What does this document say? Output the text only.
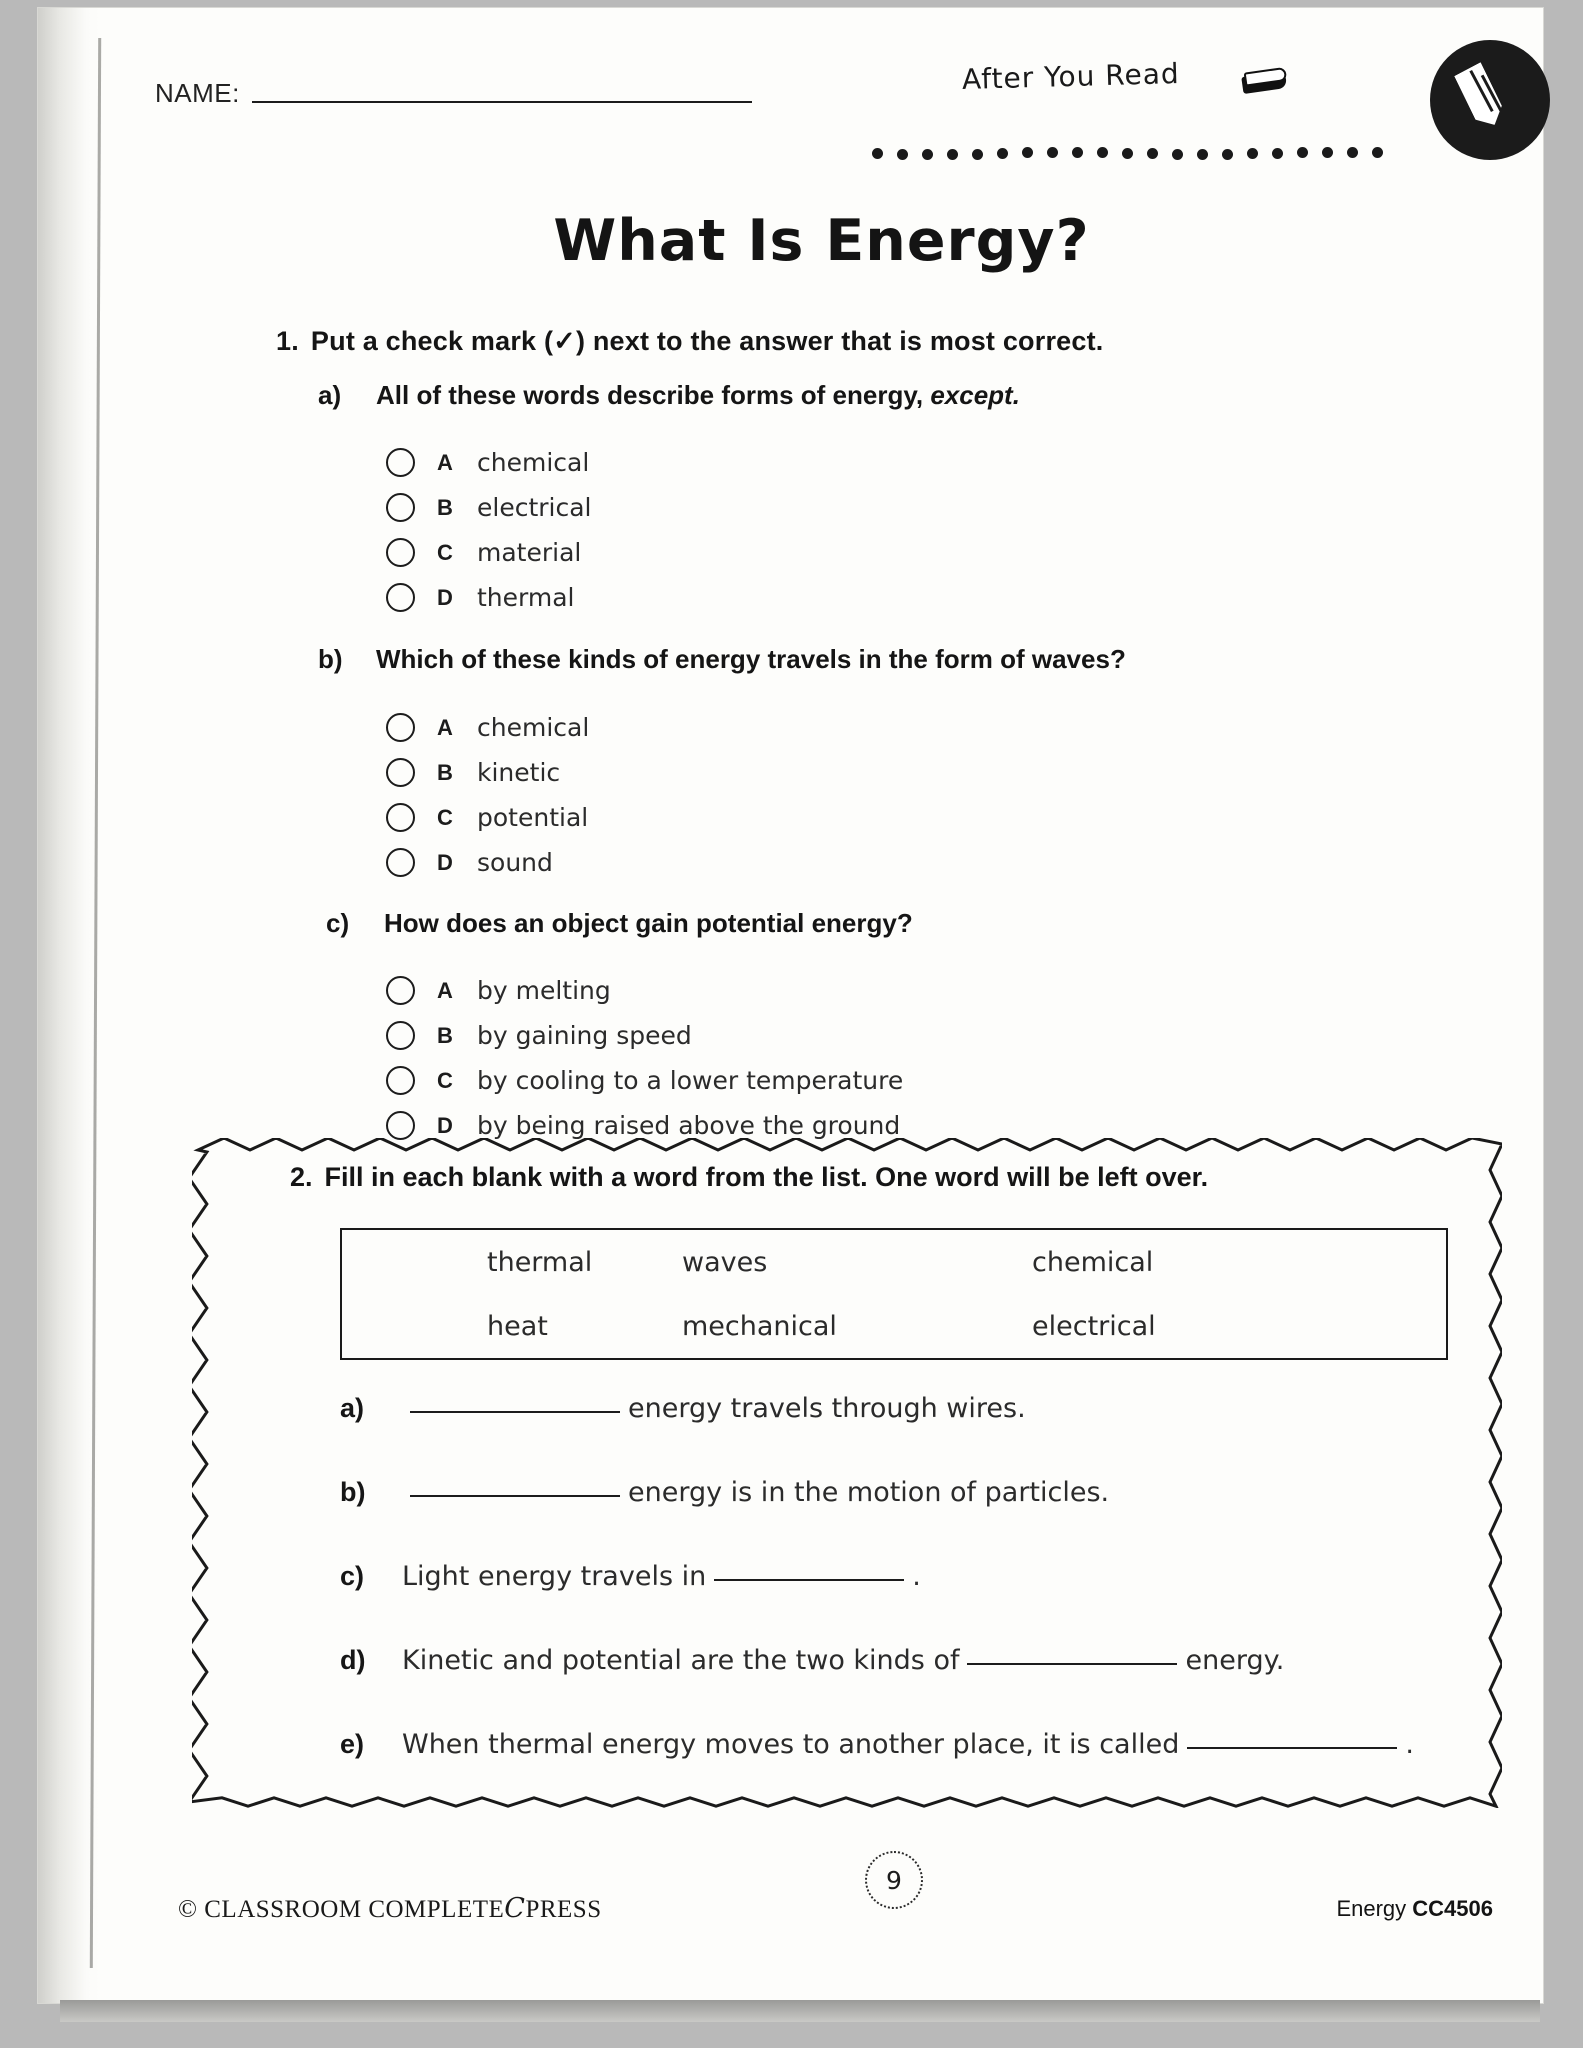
NAME:	After You Read
What Is Energy?
1. Put a check mark (✓) next to the answer that is most correct.
a) All of these words describe forms of energy, except.
A chemical
B electrical
C material
D thermal
b) Which of these kinds of energy travels in the form of waves?
A chemical
B kinetic
C potential
D sound
c) How does an object gain potential energy?
A by melting
B by gaining speed
C by cooling to a lower temperature
D by being raised above the ground
2. Fill in each blank with a word from the list. One word will be left over.
thermal	waves	chemical
heat	mechanical	electrical
a)	energy travels through wires.
b)	energy is in the motion of particles.
c)	Light energy travels in	.
d)	Kinetic and potential are the two kinds of	energy.
e)	When thermal energy moves to another place, it is called	.
© CLASSROOM COMPLETECPRESS
9
Energy CC4506
